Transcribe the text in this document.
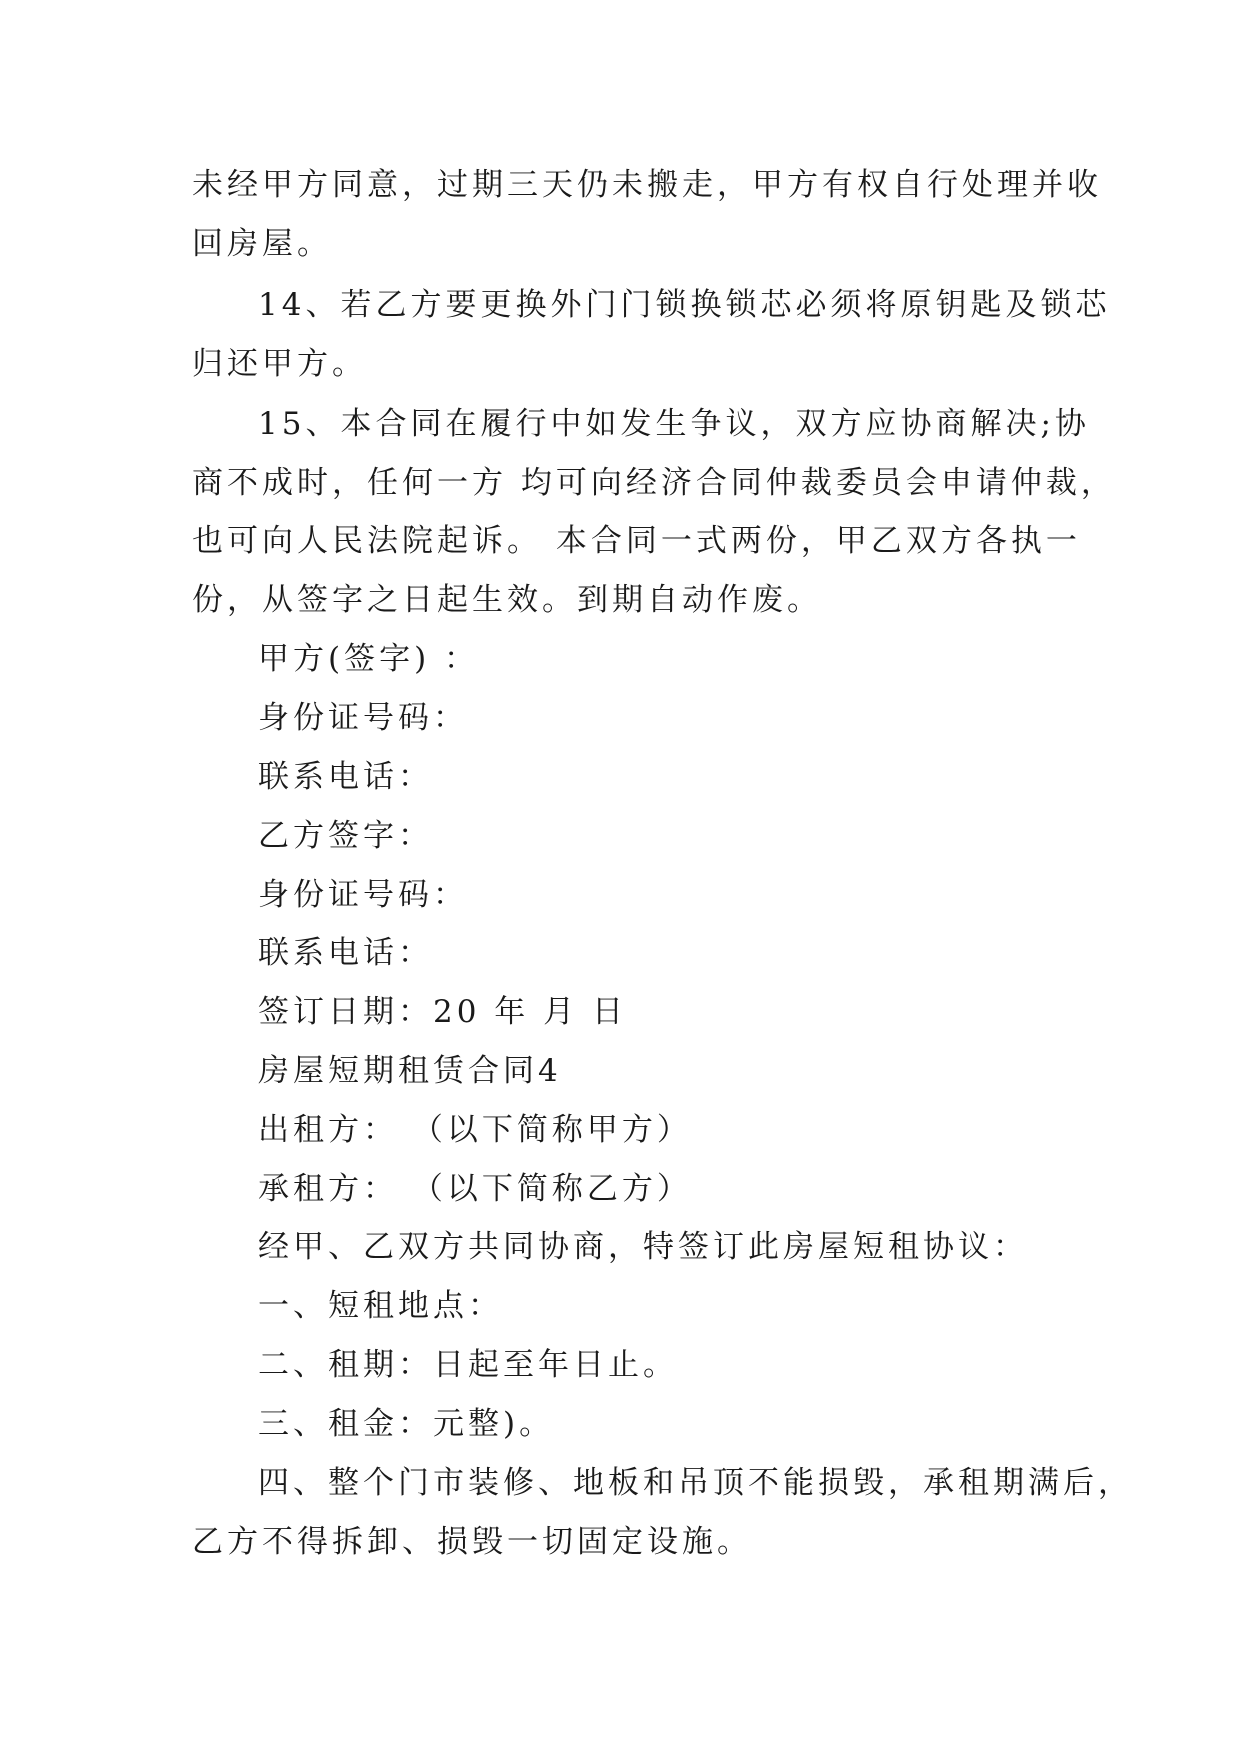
未经甲方同意，过期三天仍未搬走，甲方有权自行处理并收

回房屋。

14、若乙方要更换外门门锁换锁芯必须将原钥匙及锁芯

归还甲方。

15、本合同在履行中如发生争议，双方应协商解决;协

商不成时，任何一方 均可向经济合同仲裁委员会申请仲裁，

也可向人民法院起诉。 本合同一式两份，甲乙双方各执一

份，从签字之日起生效。到期自动作废。

甲方(签字) ：

身份证号码：

联系电话：

乙方签字：

身份证号码：

联系电话：

签订日期：20 年 月 日

房屋短期租赁合同4

出租方： （以下简称甲方）

承租方： （以下简称乙方）

经甲、乙双方共同协商，特签订此房屋短租协议：

一、短租地点：

二、租期：日起至年日止。

三、租金：元整)。

四、整个门市装修、地板和吊顶不能损毁，承租期满后，

乙方不得拆卸、损毁一切固定设施。
